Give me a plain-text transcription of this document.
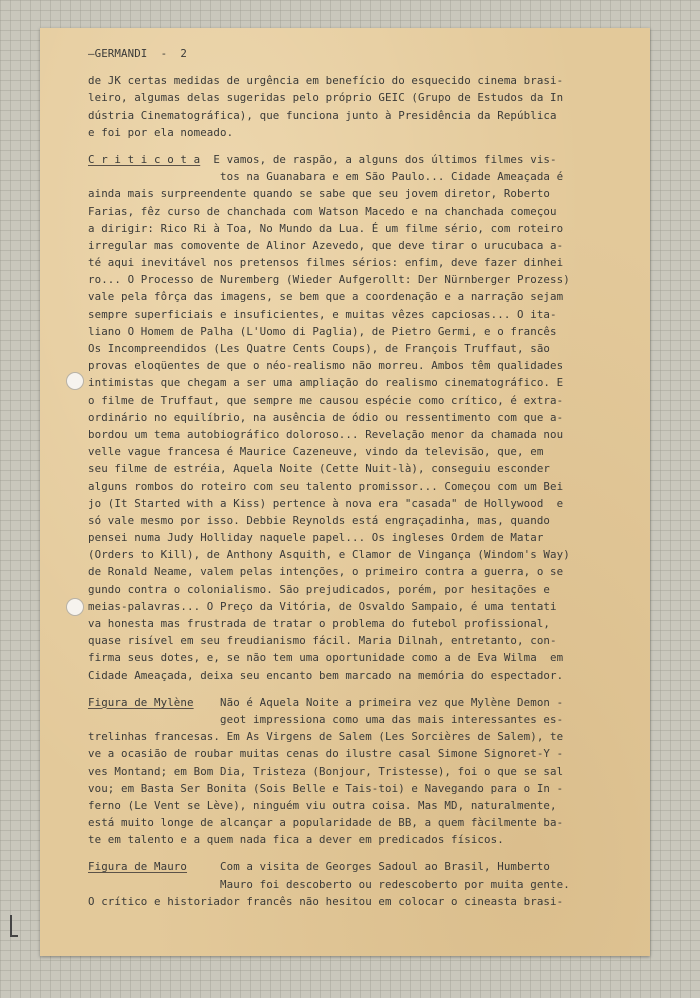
—GERMANDI  -  2
de JK certas medidas de urgência em benefício do esquecido cinema brasi-
leiro, algumas delas sugeridas pelo próprio GEIC (Grupo de Estudos da In
dústria Cinematográfica), que funciona junto à Presidência da República
e foi por ela nomeado.
C r i t i c o t a  E vamos, de raspão, a alguns dos últimos filmes vis-
tos na Guanabara e em São Paulo... Cidade Ameaçada é
ainda mais surpreendente quando se sabe que seu jovem diretor, Roberto
Farias, fêz curso de chanchada com Watson Macedo e na chanchada começou
a dirigir: Rico Ri à Toa, No Mundo da Lua. É um filme sério, com roteiro
irregular mas comovente de Alinor Azevedo, que deve tirar o urucubaca a-
té aqui inevitável nos pretensos filmes sérios: enfim, deve fazer dinhei
ro... O Processo de Nuremberg (Wieder Aufgerollt: Der Nürnberger Prozess)
vale pela fôrça das imagens, se bem que a coordenação e a narração sejam
sempre superficiais e insuficientes, e muitas vêzes capciosas... O ita-
liano O Homem de Palha (L'Uomo di Paglia), de Pietro Germi, e o francês
Os Incompreendidos (Les Quatre Cents Coups), de François Truffaut, são
provas eloqüentes de que o néo-realismo não morreu. Ambos têm qualidades
intimistas que chegam a ser uma ampliação do realismo cinematográfico. E
o filme de Truffaut, que sempre me causou espécie como crítico, é extra-
ordinário no equilíbrio, na ausência de ódio ou ressentimento com que a-
bordou um tema autobiográfico doloroso... Revelação menor da chamada nou
velle vague francesa é Maurice Cazeneuve, vindo da televisão, que, em
seu filme de estréia, Aquela Noite (Cette Nuit-là), conseguiu esconder
alguns rombos do roteiro com seu talento promissor... Começou com um Bei
jo (It Started with a Kiss) pertence à nova era "casada" de Hollywood  e
só vale mesmo por isso. Debbie Reynolds está engraçadinha, mas, quando
pensei numa Judy Holliday naquele papel... Os ingleses Ordem de Matar
(Orders to Kill), de Anthony Asquith, e Clamor de Vingança (Windom's Way)
de Ronald Neame, valem pelas intenções, o primeiro contra a guerra, o se
gundo contra o colonialismo. São prejudicados, porém, por hesitações e
meias-palavras... O Preço da Vitória, de Osvaldo Sampaio, é uma tentati
va honesta mas frustrada de tratar o problema do futebol profissional,
quase risível em seu freudianismo fácil. Maria Dilnah, entretanto, con-
firma seus dotes, e, se não tem uma oportunidade como a de Eva Wilma  em
Cidade Ameaçada, deixa seu encanto bem marcado na memória do espectador.
Figura de Mylène    Não é Aquela Noite a primeira vez que Mylène Demon -
geot impressiona como uma das mais interessantes es-
trelinhas francesas. Em As Virgens de Salem (Les Sorcières de Salem), te
ve a ocasião de roubar muitas cenas do ilustre casal Simone Signoret-Y -
ves Montand; em Bom Dia, Tristeza (Bonjour, Tristesse), foi o que se sal
vou; em Basta Ser Bonita (Sois Belle e Tais-toi) e Navegando para o In -
ferno (Le Vent se Lève), ninguém viu outra coisa. Mas MD, naturalmente,
está muito longe de alcançar a popularidade de BB, a quem fàcilmente ba-
te em talento e a quem nada fica a dever em predicados físicos.
Figura de Mauro     Com a visita de Georges Sadoul ao Brasil, Humberto
Mauro foi descoberto ou redescoberto por muita gente.
O crítico e historiador francês não hesitou em colocar o cineasta brasi-
